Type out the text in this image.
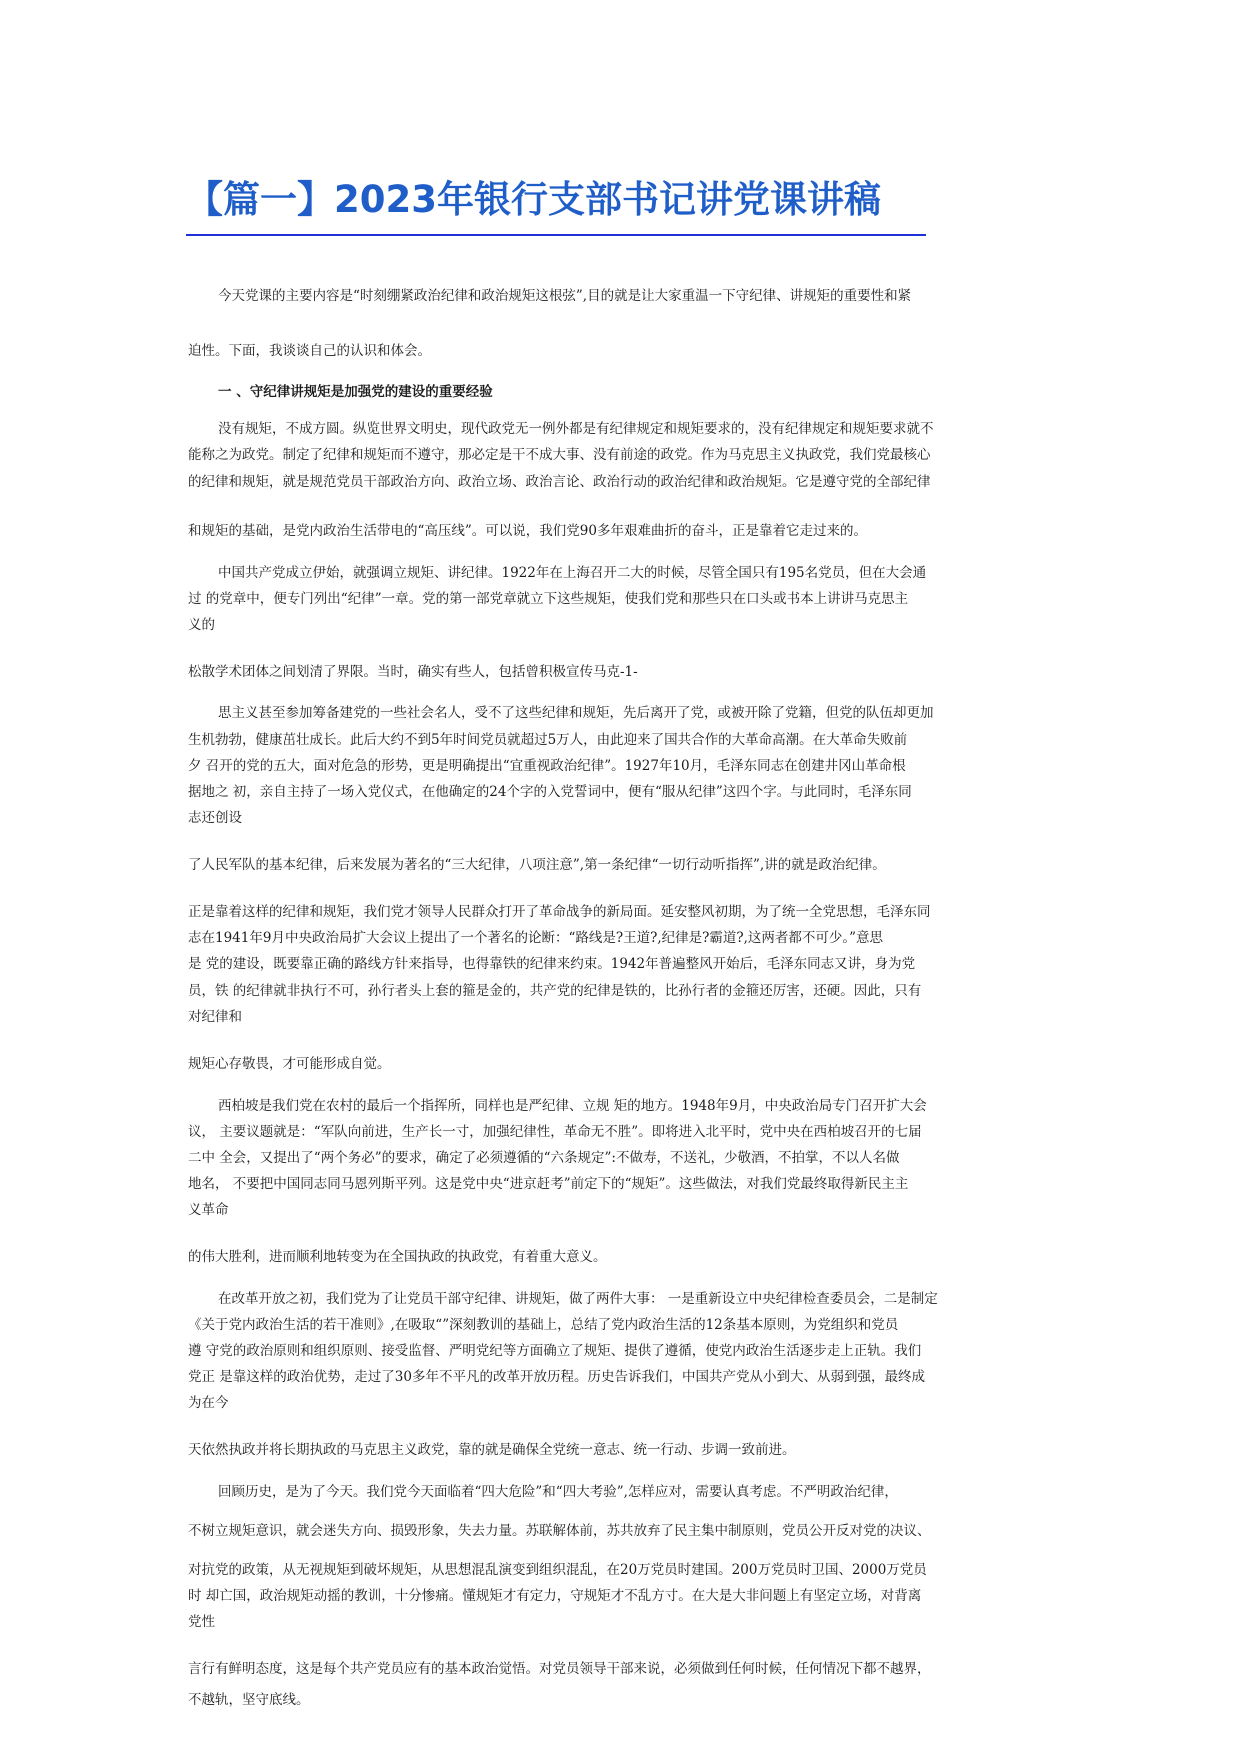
【篇一】2023年银行支部书记讲党课讲稿
今天党课的主要内容是“时刻绷紧政治纪律和政治规矩这根弦”,目的就是让大家重温一下守纪律、讲规矩的重要性和紧
迫性。下面，我谈谈自己的认识和体会。
一 、守纪律讲规矩是加强党的建设的重要经验
没有规矩，不成方圆。纵览世界文明史，现代政党无一例外都是有纪律规定和规矩要求的，没有纪律规定和规矩要求就不
能称之为政党。制定了纪律和规矩而不遵守，那必定是干不成大事、没有前途的政党。作为马克思主义执政党，我们党最核心
的纪律和规矩，就是规范党员干部政治方向、政治立场、政治言论、政治行动的政治纪律和政治规矩。它是遵守党的全部纪律
和规矩的基础，是党内政治生活带电的“高压线”。可以说，我们党90多年艰难曲折的奋斗，正是靠着它走过来的。
中国共产党成立伊始，就强调立规矩、讲纪律。1922年在上海召开二大的时候，尽管全国只有195名党员，但在大会通
过 的党章中，便专门列出“纪律”一章。党的第一部党章就立下这些规矩，使我们党和那些只在口头或书本上讲讲马克思主
义的
松散学术团体之间划清了界限。当时，确实有些人，包括曾积极宣传马克-1-
思主义甚至参加筹备建党的一些社会名人，受不了这些纪律和规矩，先后离开了党，或被开除了党籍，但党的队伍却更加
生机勃勃，健康茁壮成长。此后大约不到5年时间党员就超过5万人，由此迎来了国共合作的大革命高潮。在大革命失败前
夕 召开的党的五大，面对危急的形势，更是明确提出“宜重视政治纪律”。1927年10月，毛泽东同志在创建井冈山革命根
据地之 初，亲自主持了一场入党仪式，在他确定的24个字的入党誓词中，便有“服从纪律”这四个字。与此同时，毛泽东同
志还创设
了人民军队的基本纪律，后来发展为著名的“三大纪律，八项注意”,第一条纪律“一切行动听指挥”,讲的就是政治纪律。
正是靠着这样的纪律和规矩，我们党才领导人民群众打开了革命战争的新局面。延安整风初期，为了统一全党思想，毛泽东同
志在1941年9月中央政治局扩大会议上提出了一个著名的论断：“路线是?王道?,纪律是?霸道?,这两者都不可少。”意思
是 党的建设，既要靠正确的路线方针来指导，也得靠铁的纪律来约束。1942年普遍整风开始后，毛泽东同志又讲，身为党
员，铁 的纪律就非执行不可，孙行者头上套的箍是金的，共产党的纪律是铁的，比孙行者的金箍还厉害，还硬。因此，只有
对纪律和
规矩心存敬畏，才可能形成自觉。
西柏坡是我们党在农村的最后一个指挥所，同样也是严纪律、立规 矩的地方。1948年9月，中央政治局专门召开扩大会
议， 主要议题就是：“军队向前进，生产长一寸，加强纪律性，革命无不胜”。即将进入北平时，党中央在西柏坡召开的七届
二中 全会，又提出了“两个务必”的要求，确定了必须遵循的“六条规定”:不做寿，不送礼，少敬酒，不拍掌，不以人名做
地名， 不要把中国同志同马恩列斯平列。这是党中央“进京赶考”前定下的“规矩”。这些做法，对我们党最终取得新民主主
义革命
的伟大胜利，进而顺利地转变为在全国执政的执政党，有着重大意义。
在改革开放之初，我们党为了让党员干部守纪律、讲规矩，做了两件大事： 一是重新设立中央纪律检查委员会，二是制定
《关于党内政治生活的若干准则》,在吸取“”深刻教训的基础上，总结了党内政治生活的12条基本原则，为党组织和党员
遵 守党的政治原则和组织原则、接受监督、严明党纪等方面确立了规矩、提供了遵循，使党内政治生活逐步走上正轨。我们
党正 是靠这样的政治优势，走过了30多年不平凡的改革开放历程。历史告诉我们，中国共产党从小到大、从弱到强，最终成
为在今
天依然执政并将长期执政的马克思主义政党，靠的就是确保全党统一意志、统一行动、步调一致前进。
回顾历史，是为了今天。我们党今天面临着“四大危险”和“四大考验”,怎样应对，需要认真考虑。不严明政治纪律，
不树立规矩意识，就会迷失方向、损毁形象，失去力量。苏联解体前，苏共放弃了民主集中制原则，党员公开反对党的决议、
对抗党的政策，从无视规矩到破坏规矩，从思想混乱演变到组织混乱，在20万党员时建国。200万党员时卫国、2000万党员
时 却亡国，政治规矩动摇的教训，十分惨痛。懂规矩才有定力，守规矩才不乱方寸。在大是大非问题上有坚定立场，对背离
党性
言行有鲜明态度，这是每个共产党员应有的基本政治觉悟。对党员领导干部来说，必须做到任何时候，任何情况下都不越界，
不越轨，坚守底线。
